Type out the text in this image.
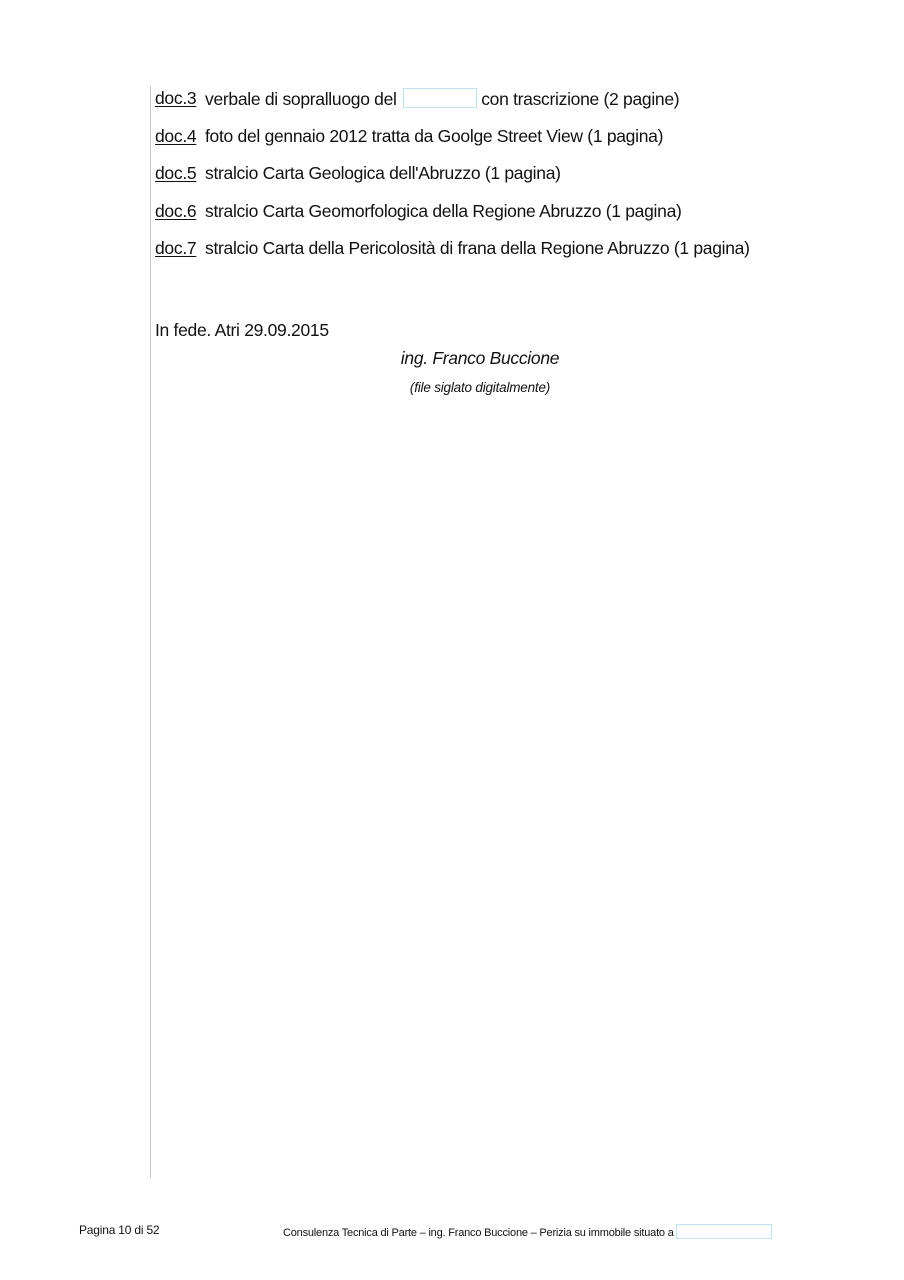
doc.3 verbale di sopralluogo del	con trascrizione (2 pagine)
doc.4 foto del gennaio 2012 tratta da Goolge Street View (1 pagina)
doc.5 stralcio Carta Geologica dell'Abruzzo (1 pagina)
doc.6 stralcio Carta Geomorfologica della Regione Abruzzo (1 pagina)
doc.7 stralcio Carta della Pericolosità di frana della Regione Abruzzo (1 pagina)
In fede. Atri 29.09.2015
ing. Franco Buccione
(file siglato digitalmente)
Pagina 10 di 52	Consulenza Tecnica di Parte – ing. Franco Buccione – Perizia su immobile situato a
